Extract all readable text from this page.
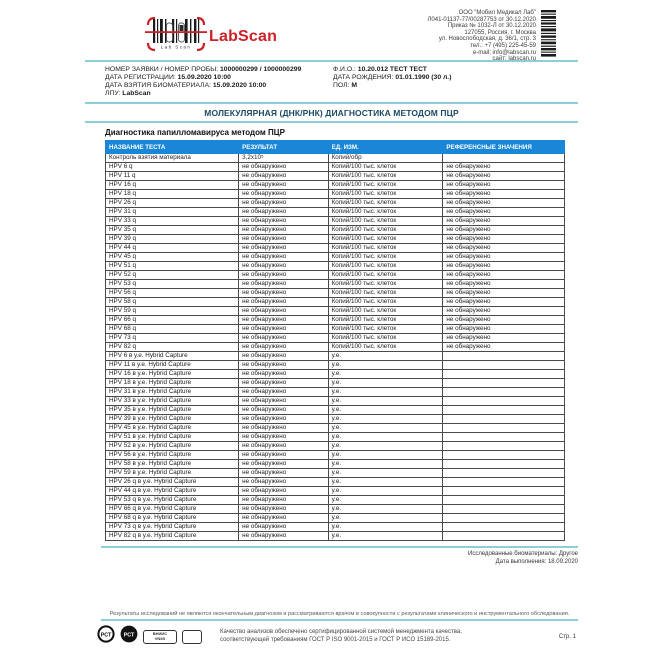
Lab Scan
LabScan
ООО "Мобил Медикал Лаб"
Л041-01137-77/00287753 от 30.12.2020
Приказ № 1032-Л от 30.12.2020
127055, Россия, г. Москва
ул. Новослободская, д. 36/1, стр. 3
тел.: +7 (495) 225-45-59
e-mail: info@labscan.ru
сайт: labscan.ru
НОМЕР ЗАЯВКИ / НОМЕР ПРОБЫ: 1000000299 / 1000000299
ДАТА РЕГИСТРАЦИИ: 15.09.2020 10:00
ДАТА ВЗЯТИЯ БИОМАТЕРИАЛА: 15.09.2020 10:00
ЛПУ: LabScan
Ф.И.О.: 10.20.012 ТЕСТ ТЕСТ
ДАТА РОЖДЕНИЯ: 01.01.1990 (30 л.)
ПОЛ: М
МОЛЕКУЛЯРНАЯ (ДНК/РНК) ДИАГНОСТИКА МЕТОДОМ ПЦР
Диагностика папилломавируса методом ПЦР
НАЗВАНИЕ ТЕСТА	РЕЗУЛЬТАТ	ЕД. ИЗМ.	РЕФЕРЕНСНЫЕ ЗНАЧЕНИЯ
Контроль взятия материала	3,2x10⁵	Копий/обр	
HPV 6 q	не обнаружено	Копий/100 тыс. клеток	не обнаружено
HPV 11 q	не обнаружено	Копий/100 тыс. клеток	не обнаружено
HPV 16 q	не обнаружено	Копий/100 тыс. клеток	не обнаружено
HPV 18 q	не обнаружено	Копий/100 тыс. клеток	не обнаружено
HPV 26 q	не обнаружено	Копий/100 тыс. клеток	не обнаружено
HPV 31 q	не обнаружено	Копий/100 тыс. клеток	не обнаружено
HPV 33 q	не обнаружено	Копий/100 тыс. клеток	не обнаружено
HPV 35 q	не обнаружено	Копий/100 тыс. клеток	не обнаружено
HPV 39 q	не обнаружено	Копий/100 тыс. клеток	не обнаружено
HPV 44 q	не обнаружено	Копий/100 тыс. клеток	не обнаружено
HPV 45 q	не обнаружено	Копий/100 тыс. клеток	не обнаружено
HPV 51 q	не обнаружено	Копий/100 тыс. клеток	не обнаружено
HPV 52 q	не обнаружено	Копий/100 тыс. клеток	не обнаружено
HPV 53 q	не обнаружено	Копий/100 тыс. клеток	не обнаружено
HPV 56 q	не обнаружено	Копий/100 тыс. клеток	не обнаружено
HPV 58 q	не обнаружено	Копий/100 тыс. клеток	не обнаружено
HPV 59 q	не обнаружено	Копий/100 тыс. клеток	не обнаружено
HPV 66 q	не обнаружено	Копий/100 тыс. клеток	не обнаружено
HPV 68 q	не обнаружено	Копий/100 тыс. клеток	не обнаружено
HPV 73 q	не обнаружено	Копий/100 тыс. клеток	не обнаружено
HPV 82 q	не обнаружено	Копий/100 тыс. клеток	не обнаружено
HPV 6 в у.е. Hybrid Capture	не обнаружено	у.е.	
HPV 11 в у.е. Hybrid Capture	не обнаружено	у.е.	
HPV 16 в у.е. Hybrid Capture	не обнаружено	у.е.	
HPV 18 в у.е. Hybrid Capture	не обнаружено	у.е.	
HPV 31 в у.е. Hybrid Capture	не обнаружено	у.е.	
HPV 33 в у.е. Hybrid Capture	не обнаружено	у.е.	
HPV 35 в у.е. Hybrid Capture	не обнаружено	у.е.	
HPV 39 в у.е. Hybrid Capture	не обнаружено	у.е.	
HPV 45 в у.е. Hybrid Capture	не обнаружено	у.е.	
HPV 51 в у.е. Hybrid Capture	не обнаружено	у.е.	
HPV 52 в у.е. Hybrid Capture	не обнаружено	у.е.	
HPV 56 в у.е. Hybrid Capture	не обнаружено	у.е.	
HPV 58 в у.е. Hybrid Capture	не обнаружено	у.е.	
HPV 59 в у.е. Hybrid Capture	не обнаружено	у.е.	
HPV 26 q в у.е. Hybrid Capture	не обнаружено	у.е.	
HPV 44 q в у.е. Hybrid Capture	не обнаружено	у.е.	
HPV 53 q в у.е. Hybrid Capture	не обнаружено	у.е.	
HPV 66 q в у.е. Hybrid Capture	не обнаружено	у.е.	
HPV 68 q в у.е. Hybrid Capture	не обнаружено	у.е.	
HPV 73 q в у.е. Hybrid Capture	не обнаружено	у.е.	
HPV 82 q в у.е. Hybrid Capture	не обнаружено	у.е.	
Исследованные биоматериалы: Другое
Дата выполнения: 18.09.2020
Результаты исследований не являются окончательным диагнозом и рассматриваются врачом в совокупности с результатами клинического и инструментального обследования.
РСТ РСТ	ВНИИС
VNIIS
Качество анализов обеспечено сертифицированной системой менеджмента качества,
соответствующей требованиям ГОСТ Р ISO 9001-2015 и ГОСТ Р ИСО 15189-2015.	Стр. 1
